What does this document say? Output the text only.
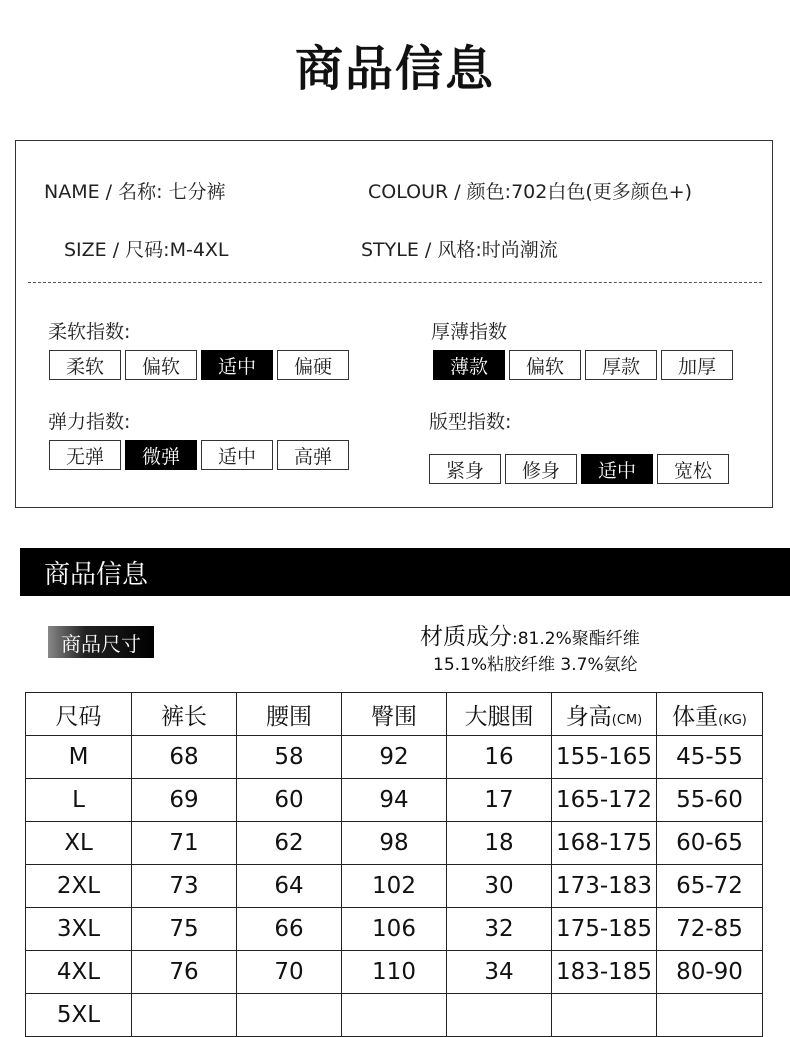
商品信息
NAME / 名称: 七分裤	COLOUR / 颜色:702白色(更多颜色+)
SIZE / 尺码:M-4XL	STYLE / 风格:时尚潮流
柔软指数:
柔软	偏软	适中	偏硬
厚薄指数
薄款	偏软	厚款	加厚
弹力指数:
无弹	微弹	适中	高弹
版型指数:
紧身	修身	适中	宽松
商品信息
商品尺寸	材质成分:81.2%聚酯纤维
15.1%粘胶纤维 3.7%氨纶
尺码	裤长	腰围	臀围	大腿围	身高(CM)	体重(KG)
M	68	58	92	16	155-165	45-55
L	69	60	94	17	165-172	55-60
XL	71	62	98	18	168-175	60-65
2XL	73	64	102	30	173-183	65-72
3XL	75	66	106	32	175-185	72-85
4XL	76	70	110	34	183-185	80-90
5XL						
